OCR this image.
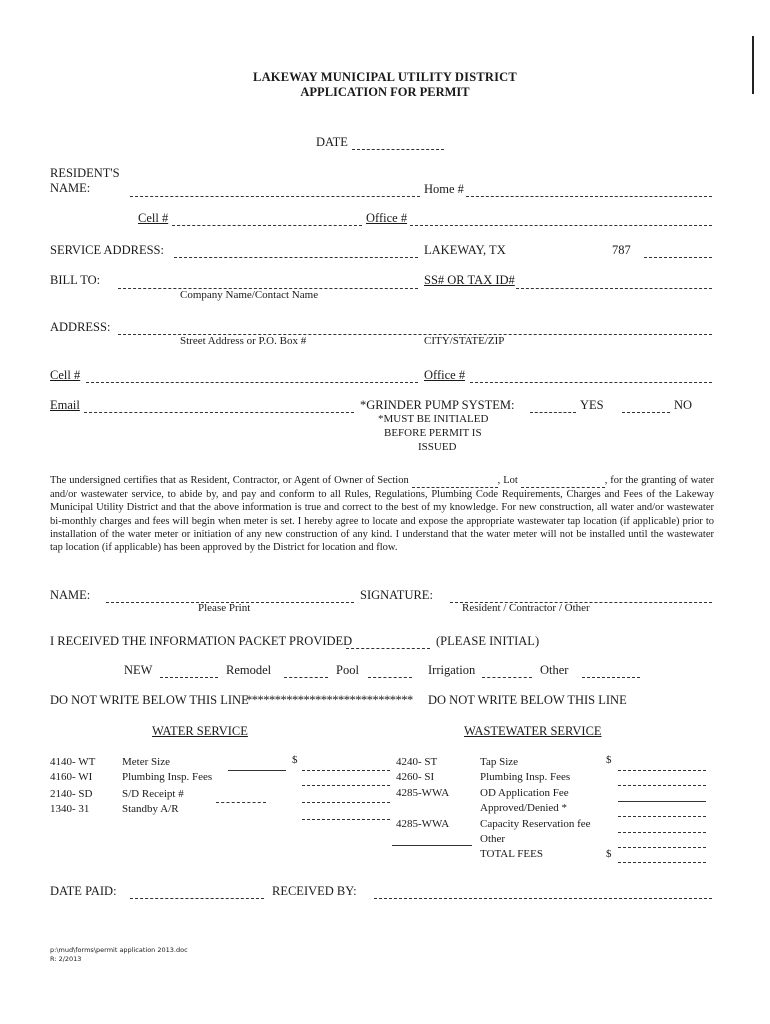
LAKEWAY MUNICIPAL UTILITY DISTRICT
APPLICATION FOR PERMIT
DATE
RESIDENT'S
NAME:	Home #
Cell #	Office #
SERVICE ADDRESS:	LAKEWAY, TX	787
BILL TO:	SS# OR TAX ID#
Company Name/Contact Name
ADDRESS:
Street Address or P.O. Box #	CITY/STATE/ZIP
Cell #	Office #
Email	*GRINDER PUMP SYSTEM:	YES	NO
*MUST BE INITIALED
BEFORE PERMIT IS
ISSUED
The undersigned certifies that as Resident, Contractor, or Agent of Owner of Section	, Lot	, for the granting of water and/or wastewater service, to abide by, and pay and conform to all Rules, Regulations, Plumbing Code Requirements, Charges and Fees of the Lakeway Municipal Utility District and that the above information is true and correct to the best of my knowledge. For new construction, all water and/or wastewater bi-monthly charges and fees will begin when meter is set. I hereby agree to locate and expose the appropriate wastewater tap location (if applicable) prior to installation of the water meter or initiation of any new construction of any kind. I understand that the water meter will not be installed until the wastewater tap location (if applicable) has been approved by the District for location and flow.
NAME:
Please Print
SIGNATURE:
Resident / Contractor / Other
I RECEIVED THE INFORMATION PACKET PROVIDED	(PLEASE INITIAL)
NEW	Remodel	Pool	Irrigation	Other
DO NOT WRITE BELOW THIS LINE
***************************** DO NOT WRITE BELOW THIS LINE
WATER SERVICE
4140- WT Meter Size	$
4160- WI	Plumbing Insp. Fees
2140- SD	S/D Receipt #
1340- 31	Standby A/R
WASTEWATER SERVICE
4240- ST	Tap Size	$
4260- SI	Plumbing Insp. Fees
4285-WWA	OD Application Fee
Approved/Denied *
4285-WWA	Capacity Reservation fee
Other
TOTAL FEES	$
DATE PAID:	RECEIVED BY:
p:\mud\forms\permit application 2013.doc
R: 2/2013
